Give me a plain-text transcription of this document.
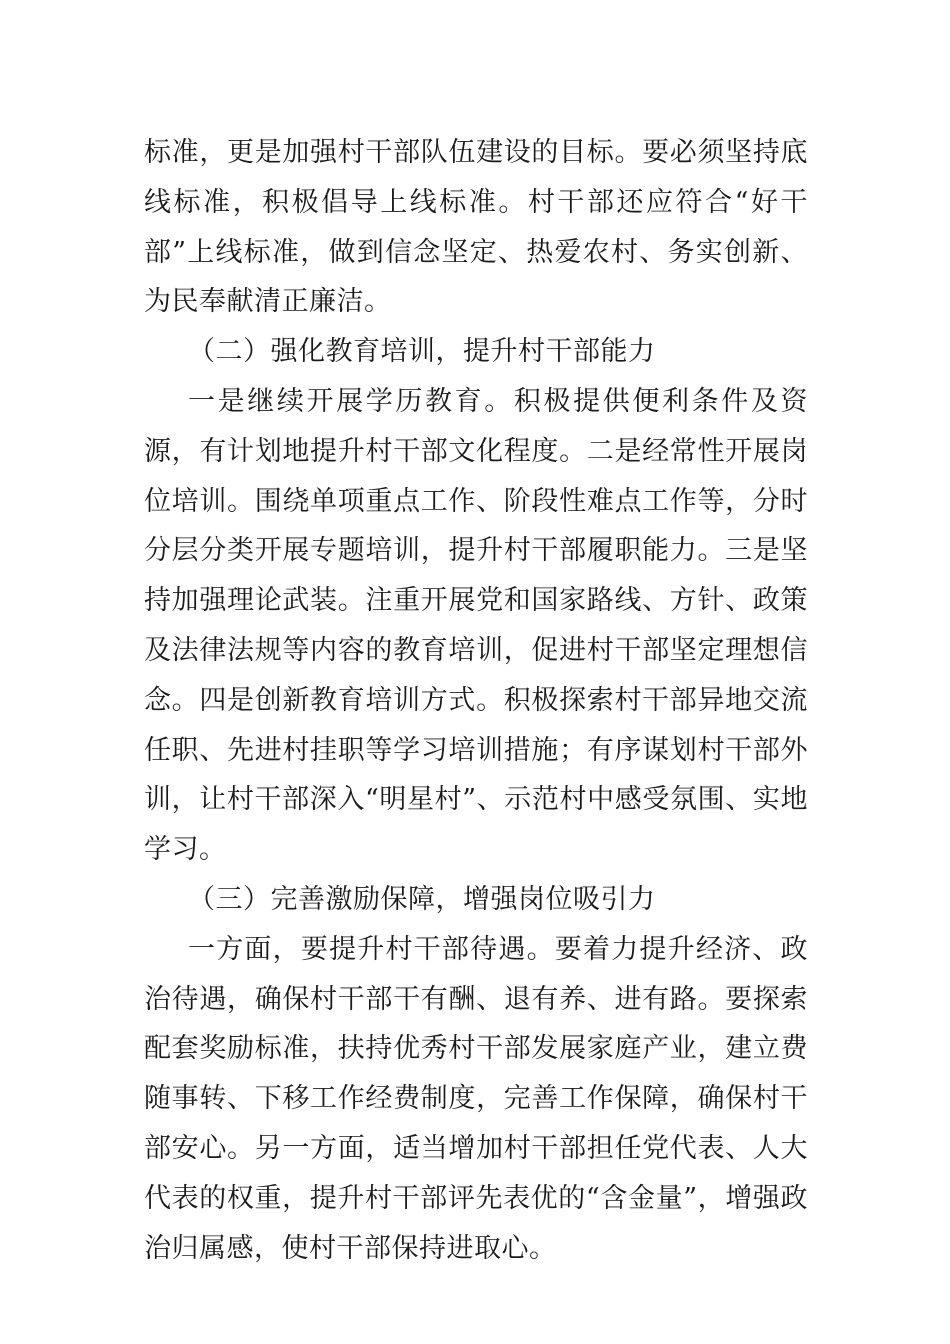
标准，更是加强村干部队伍建设的目标。要必须坚持底线标准，积极倡导上线标准。村干部还应符合“好干部”上线标准，做到信念坚定、热爱农村、务实创新、为民奉献清正廉洁。

（二）强化教育培训，提升村干部能力

一是继续开展学历教育。积极提供便利条件及资源，有计划地提升村干部文化程度。二是经常性开展岗位培训。围绕单项重点工作、阶段性难点工作等，分时分层分类开展专题培训，提升村干部履职能力。三是坚持加强理论武装。注重开展党和国家路线、方针、政策及法律法规等内容的教育培训，促进村干部坚定理想信念。四是创新教育培训方式。积极探索村干部异地交流任职、先进村挂职等学习培训措施；有序谋划村干部外训，让村干部深入“明星村”、示范村中感受氛围、实地学习。

（三）完善激励保障，增强岗位吸引力

一方面，要提升村干部待遇。要着力提升经济、政治待遇，确保村干部干有酬、退有养、进有路。要探索配套奖励标准，扶持优秀村干部发展家庭产业，建立费随事转、下移工作经费制度，完善工作保障，确保村干部安心。另一方面，适当增加村干部担任党代表、人大代表的权重，提升村干部评先表优的“含金量”，增强政治归属感，使村干部保持进取心。
